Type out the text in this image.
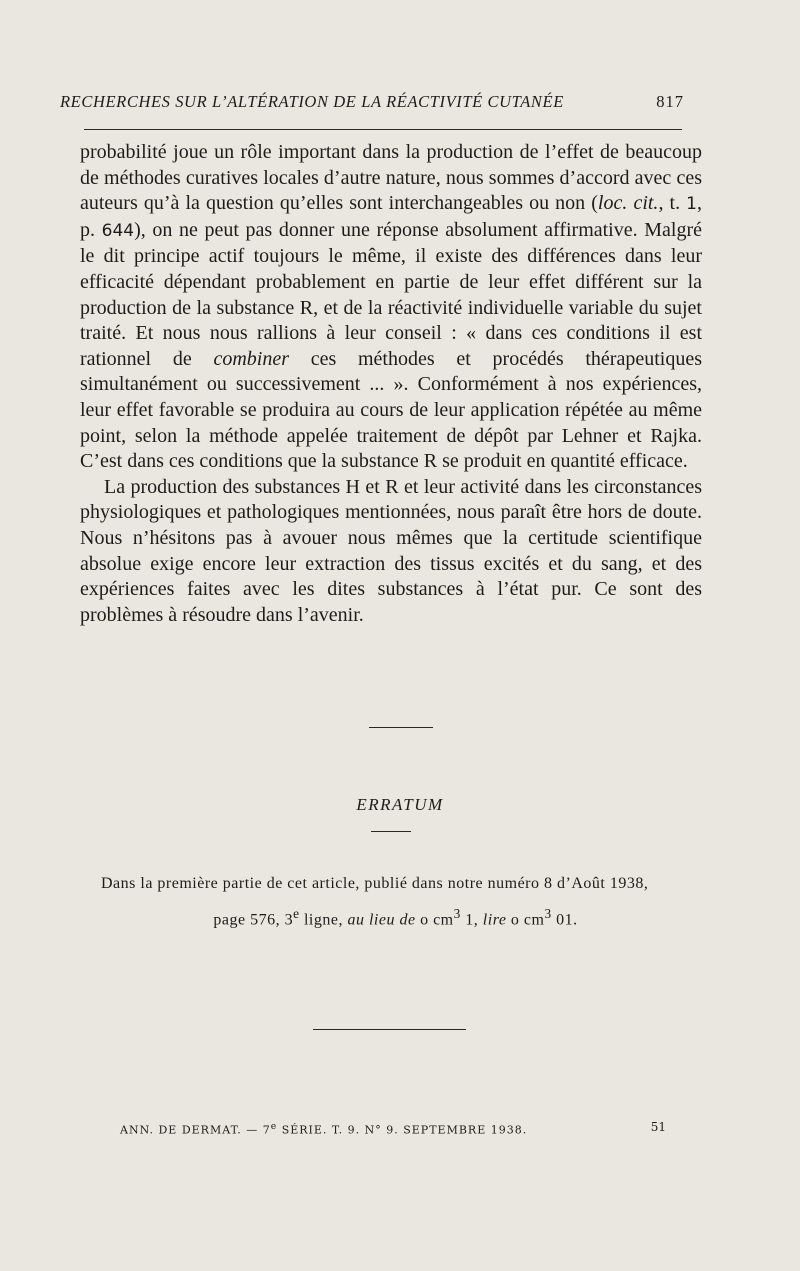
RECHERCHES SUR L’ALTÉRATION DE LA RÉACTIVITÉ CUTANÉE	817

probabilité joue un rôle important dans la production de l’effet de beaucoup de méthodes curatives locales d’autre nature, nous sommes d’accord avec ces auteurs qu’à la question qu’elles sont interchangeables ou non (loc. cit., t. 1, p. 644), on ne peut pas donner une réponse absolument affirmative. Malgré le dit principe actif toujours le même, il existe des différences dans leur efficacité dépendant probablement en partie de leur effet différent sur la production de la substance R, et de la réactivité individuelle variable du sujet traité. Et nous nous rallions à leur conseil : « dans ces conditions il est rationnel de combiner ces méthodes et procédés thérapeutiques simultanément ou successivement ... ». Conformément à nos expériences, leur effet favorable se produira au cours de leur application répétée au même point, selon la méthode appelée traitement de dépôt par Lehner et Rajka. C’est dans ces conditions que la substance R se produit en quantité efficace.

La production des substances H et R et leur activité dans les circonstances physiologiques et pathologiques mentionnées, nous paraît être hors de doute. Nous n’hésitons pas à avouer nous mêmes que la certitude scientifique absolue exige encore leur extraction des tissus excités et du sang, et des expériences faites avec les dites substances à l’état pur. Ce sont des problèmes à résoudre dans l’avenir.

ERRATUM

Dans la première partie de cet article, publié dans notre numéro 8 d’Août 1938,

page 576, 3e ligne, au lieu de o $cm^3$ 1, lire o $cm^3$ 01.

ANN. DE DERMAT. — 7e SÉRIE. T. 9. N° 9. SEPTEMBRE 1938.	51
